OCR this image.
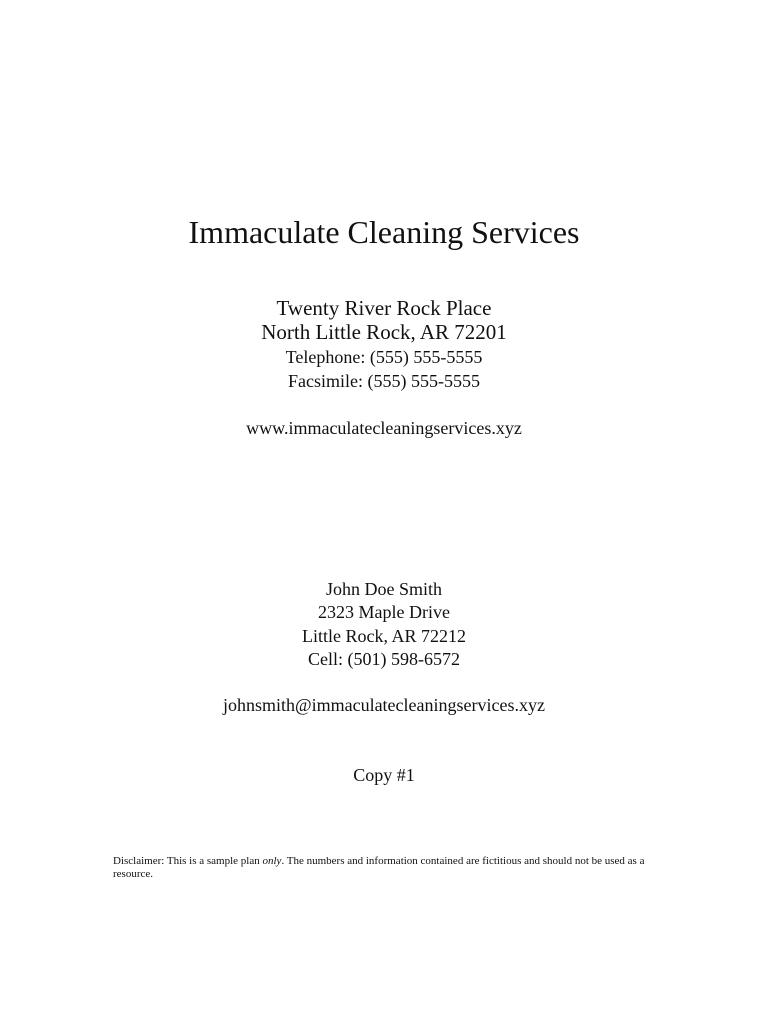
Immaculate Cleaning Services
Twenty River Rock Place
North Little Rock, AR 72201
Telephone: (555) 555-5555
Facsimile: (555) 555-5555
www.immaculatecleaningservices.xyz
John Doe Smith
2323 Maple Drive
Little Rock, AR 72212
Cell: (501) 598-6572
johnsmith@immaculatecleaningservices.xyz
Copy #1
Disclaimer: This is a sample plan only. The numbers and information contained are fictitious and should not be used as a resource.
